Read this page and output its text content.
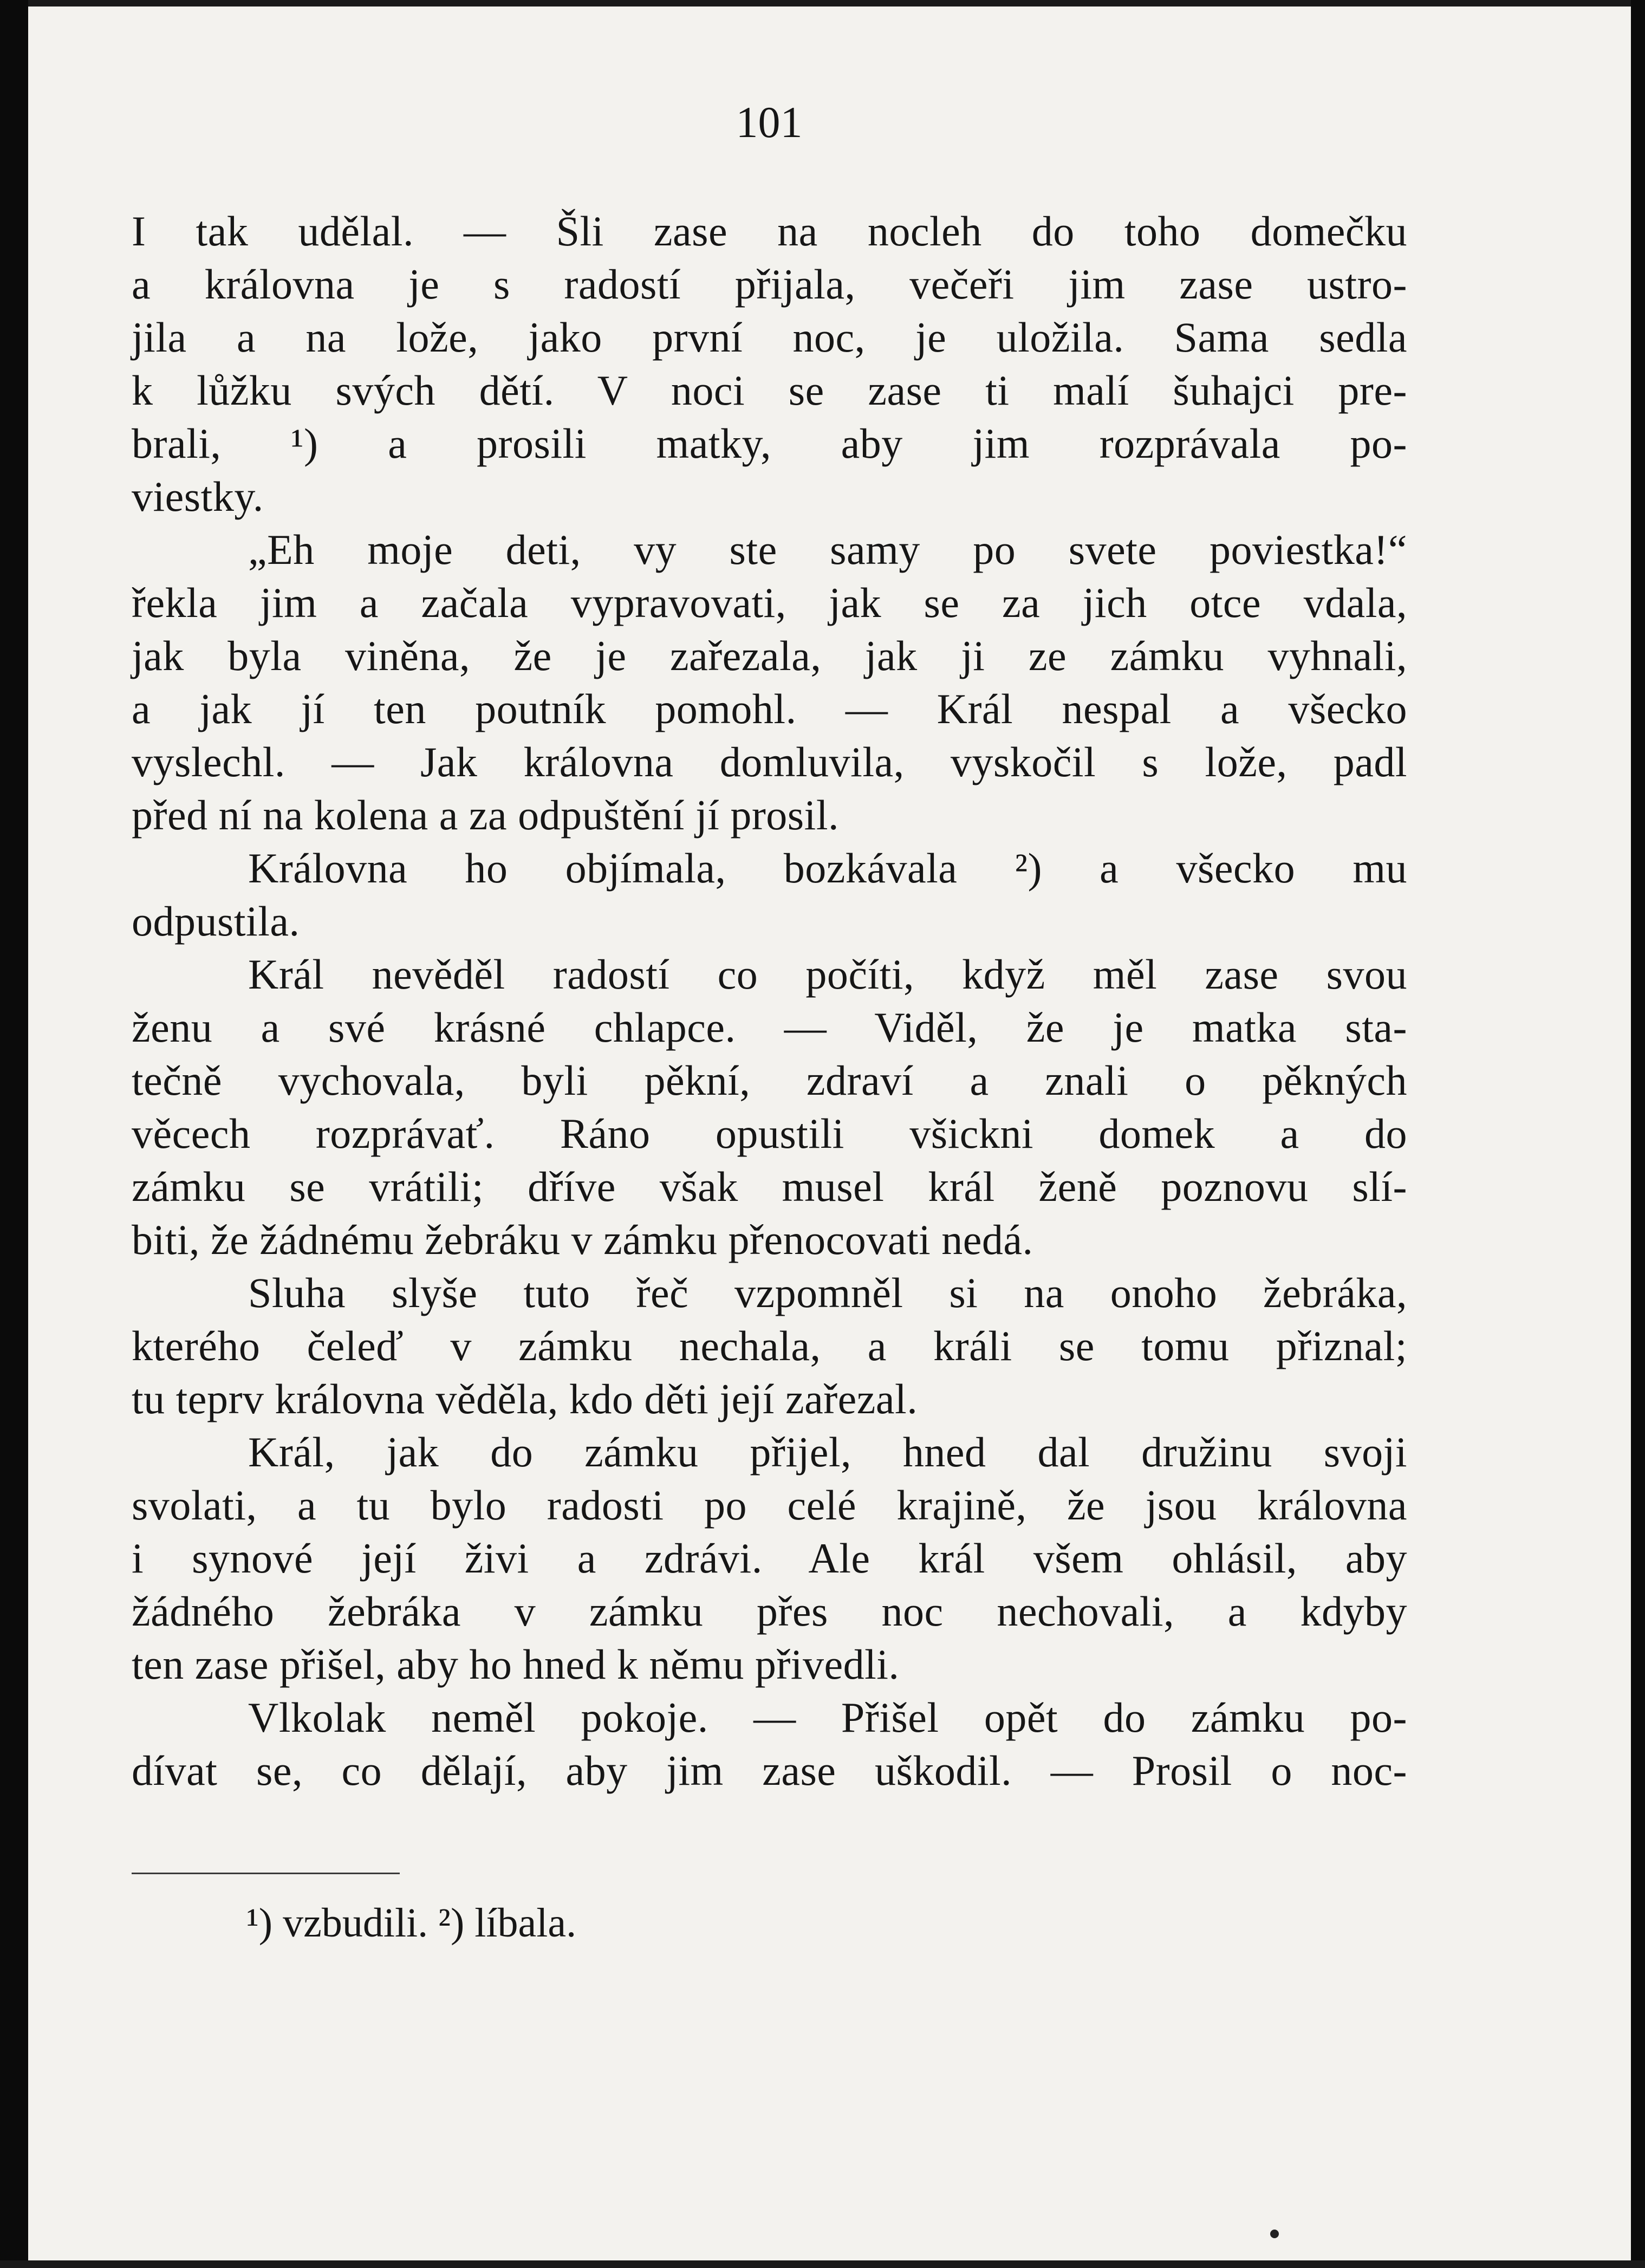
101
I tak udělal. — Šli zase na nocleh do toho domečku
a královna je s radostí přijala, večeři jim zase ustro-
jila a na lože, jako první noc, je uložila. Sama sedla
k lůžku svých dětí. V noci se zase ti malí šuhajci pre-
brali, ¹) a prosili matky, aby jim rozprávala po-
viestky.
„Eh moje deti, vy ste samy po svete poviestka!“
řekla jim a začala vypravovati, jak se za jich otce vdala,
jak byla viněna, že je zařezala, jak ji ze zámku vyhnali,
a jak jí ten poutník pomohl. — Král nespal a všecko
vyslechl. — Jak královna domluvila, vyskočil s lože, padl
před ní na kolena a za odpuštění jí prosil.
Královna ho objímala, bozkávala ²) a všecko mu
odpustila.
Král nevěděl radostí co počíti, když měl zase svou
ženu a své krásné chlapce. — Viděl, že je matka sta-
tečně vychovala, byli pěkní, zdraví a znali o pěkných
věcech rozprávať. Ráno opustili všickni domek a do
zámku se vrátili; dříve však musel král ženě poznovu slí-
biti, že žádnému žebráku v zámku přenocovati nedá.
Sluha slyše tuto řeč vzpomněl si na onoho žebráka,
kterého čeleď v zámku nechala, a králi se tomu přiznal;
tu teprv královna věděla, kdo děti její zařezal.
Král, jak do zámku přijel, hned dal družinu svoji
svolati, a tu bylo radosti po celé krajině, že jsou královna
i synové její živi a zdrávi. Ale král všem ohlásil, aby
žádného žebráka v zámku přes noc nechovali, a kdyby
ten zase přišel, aby ho hned k němu přivedli.
Vlkolak neměl pokoje. — Přišel opět do zámku po-
dívat se, co dělají, aby jim zase uškodil. — Prosil o noc-
¹) vzbudili. ²) líbala.
